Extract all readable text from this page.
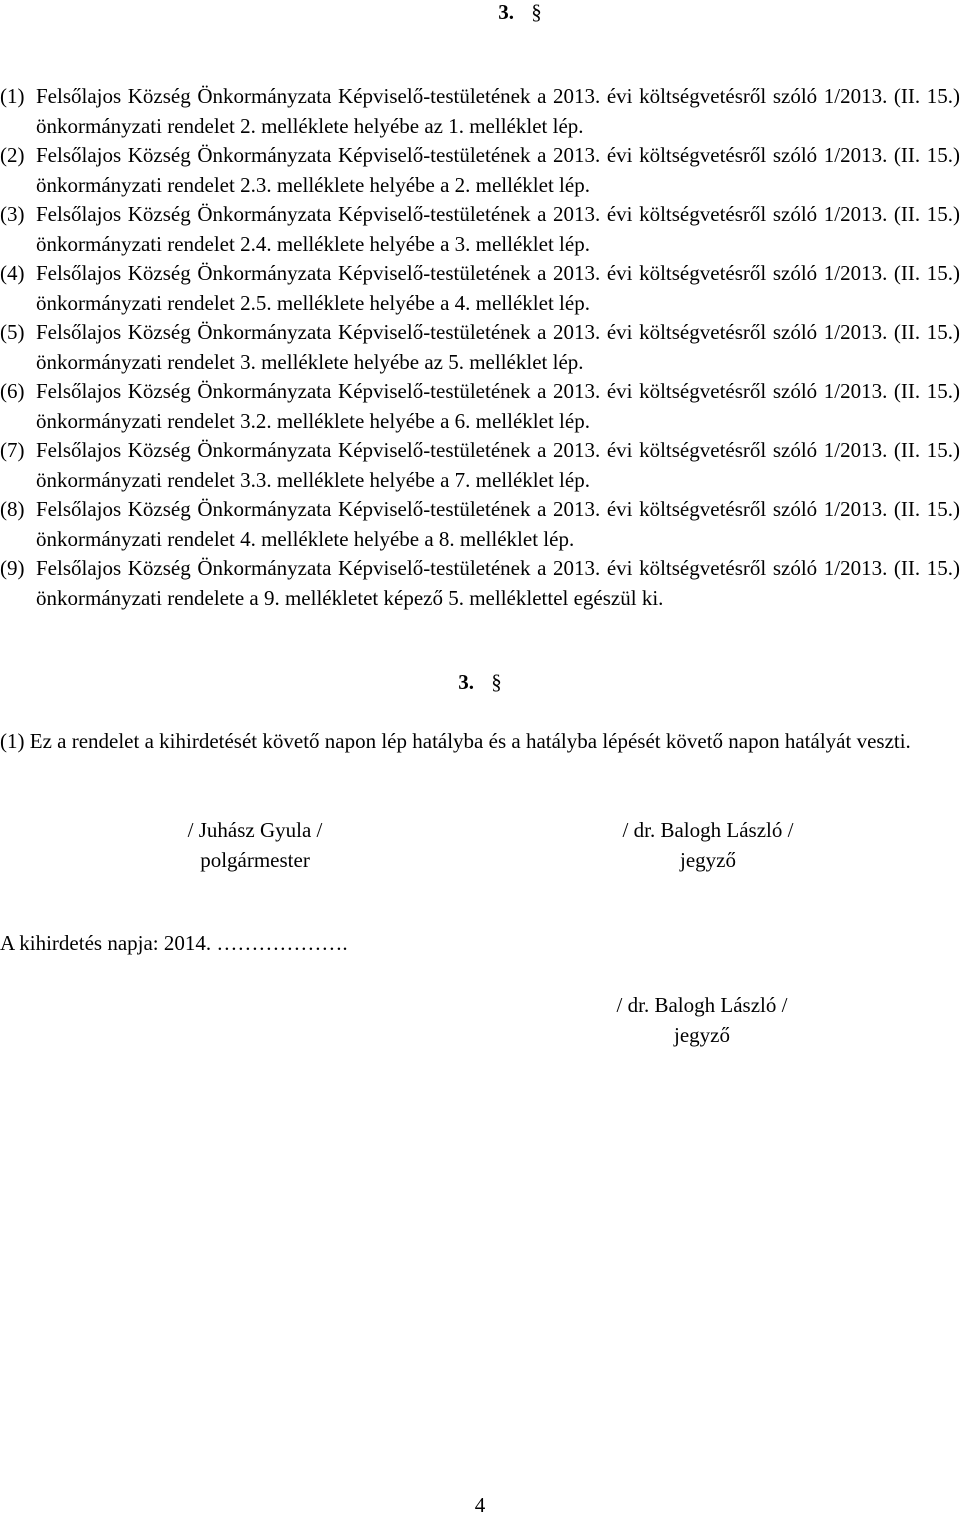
3. §
(1) Felsőlajos Község Önkormányzata Képviselő-testületének a 2013. évi költségvetésről szóló 1/2013. (II. 15.) önkormányzati rendelet 2. melléklete helyébe az 1. melléklet lép.
(2) Felsőlajos Község Önkormányzata Képviselő-testületének a 2013. évi költségvetésről szóló 1/2013. (II. 15.) önkormányzati rendelet 2.3. melléklete helyébe a 2. melléklet lép.
(3) Felsőlajos Község Önkormányzata Képviselő-testületének a 2013. évi költségvetésről szóló 1/2013. (II. 15.) önkormányzati rendelet 2.4. melléklete helyébe a 3. melléklet lép.
(4) Felsőlajos Község Önkormányzata Képviselő-testületének a 2013. évi költségvetésről szóló 1/2013. (II. 15.) önkormányzati rendelet 2.5. melléklete helyébe a 4. melléklet lép.
(5) Felsőlajos Község Önkormányzata Képviselő-testületének a 2013. évi költségvetésről szóló 1/2013. (II. 15.) önkormányzati rendelet 3. melléklete helyébe az 5. melléklet lép.
(6) Felsőlajos Község Önkormányzata Képviselő-testületének a 2013. évi költségvetésről szóló 1/2013. (II. 15.) önkormányzati rendelet 3.2. melléklete helyébe a 6. melléklet lép.
(7) Felsőlajos Község Önkormányzata Képviselő-testületének a 2013. évi költségvetésről szóló 1/2013. (II. 15.) önkormányzati rendelet 3.3. melléklete helyébe a 7. melléklet lép.
(8) Felsőlajos Község Önkormányzata Képviselő-testületének a 2013. évi költségvetésről szóló 1/2013. (II. 15.) önkormányzati rendelet 4. melléklete helyébe a 8. melléklet lép.
(9) Felsőlajos Község Önkormányzata Képviselő-testületének a 2013. évi költségvetésről szóló 1/2013. (II. 15.) önkormányzati rendelete a 9. mellékletet képező 5. melléklettel egészül ki.
3. §
(1) Ez a rendelet a kihirdetését követő napon lép hatályba és a hatályba lépését követő napon hatályát veszti.
/ Juhász Gyula /
polgármester
/ dr. Balogh László /
jegyző
A kihirdetés napja: 2014. ……………….
/ dr. Balogh László /
jegyző
4
